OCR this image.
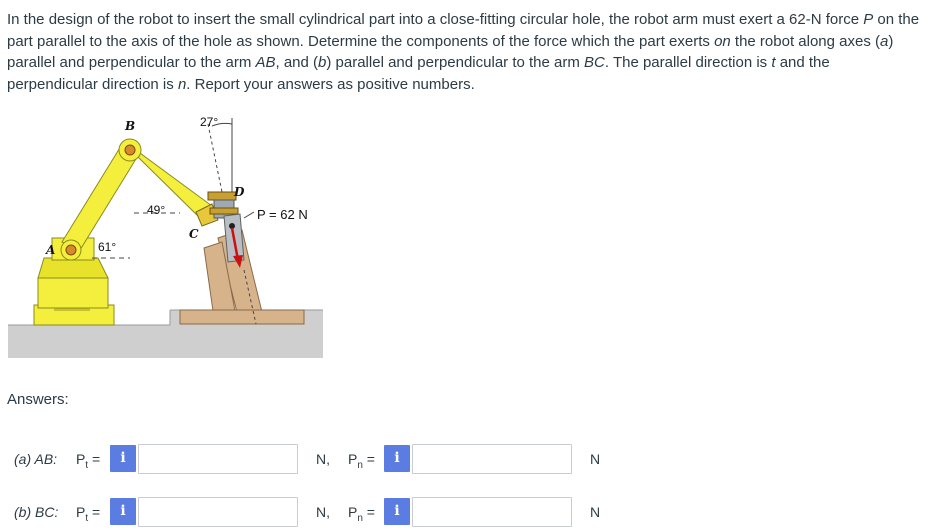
In the design of the robot to insert the small cylindrical part into a close-fitting circular hole, the robot arm must exert a 62-N force P on the part parallel to the axis of the hole as shown. Determine the components of the force which the part exerts on the robot along axes (a) parallel and perpendicular to the arm AB, and (b) parallel and perpendicular to the arm BC. The parallel direction is t and the perpendicular direction is n. Report your answers as positive numbers.

A
B
C
D
27°
49°
61°
P = 62 N
Answers:
(a) AB: $P_t$ =	i	N, $P_n$ =	i	N
(b) BC: $P_t$ =	i	N, $P_n$ =	i	N
